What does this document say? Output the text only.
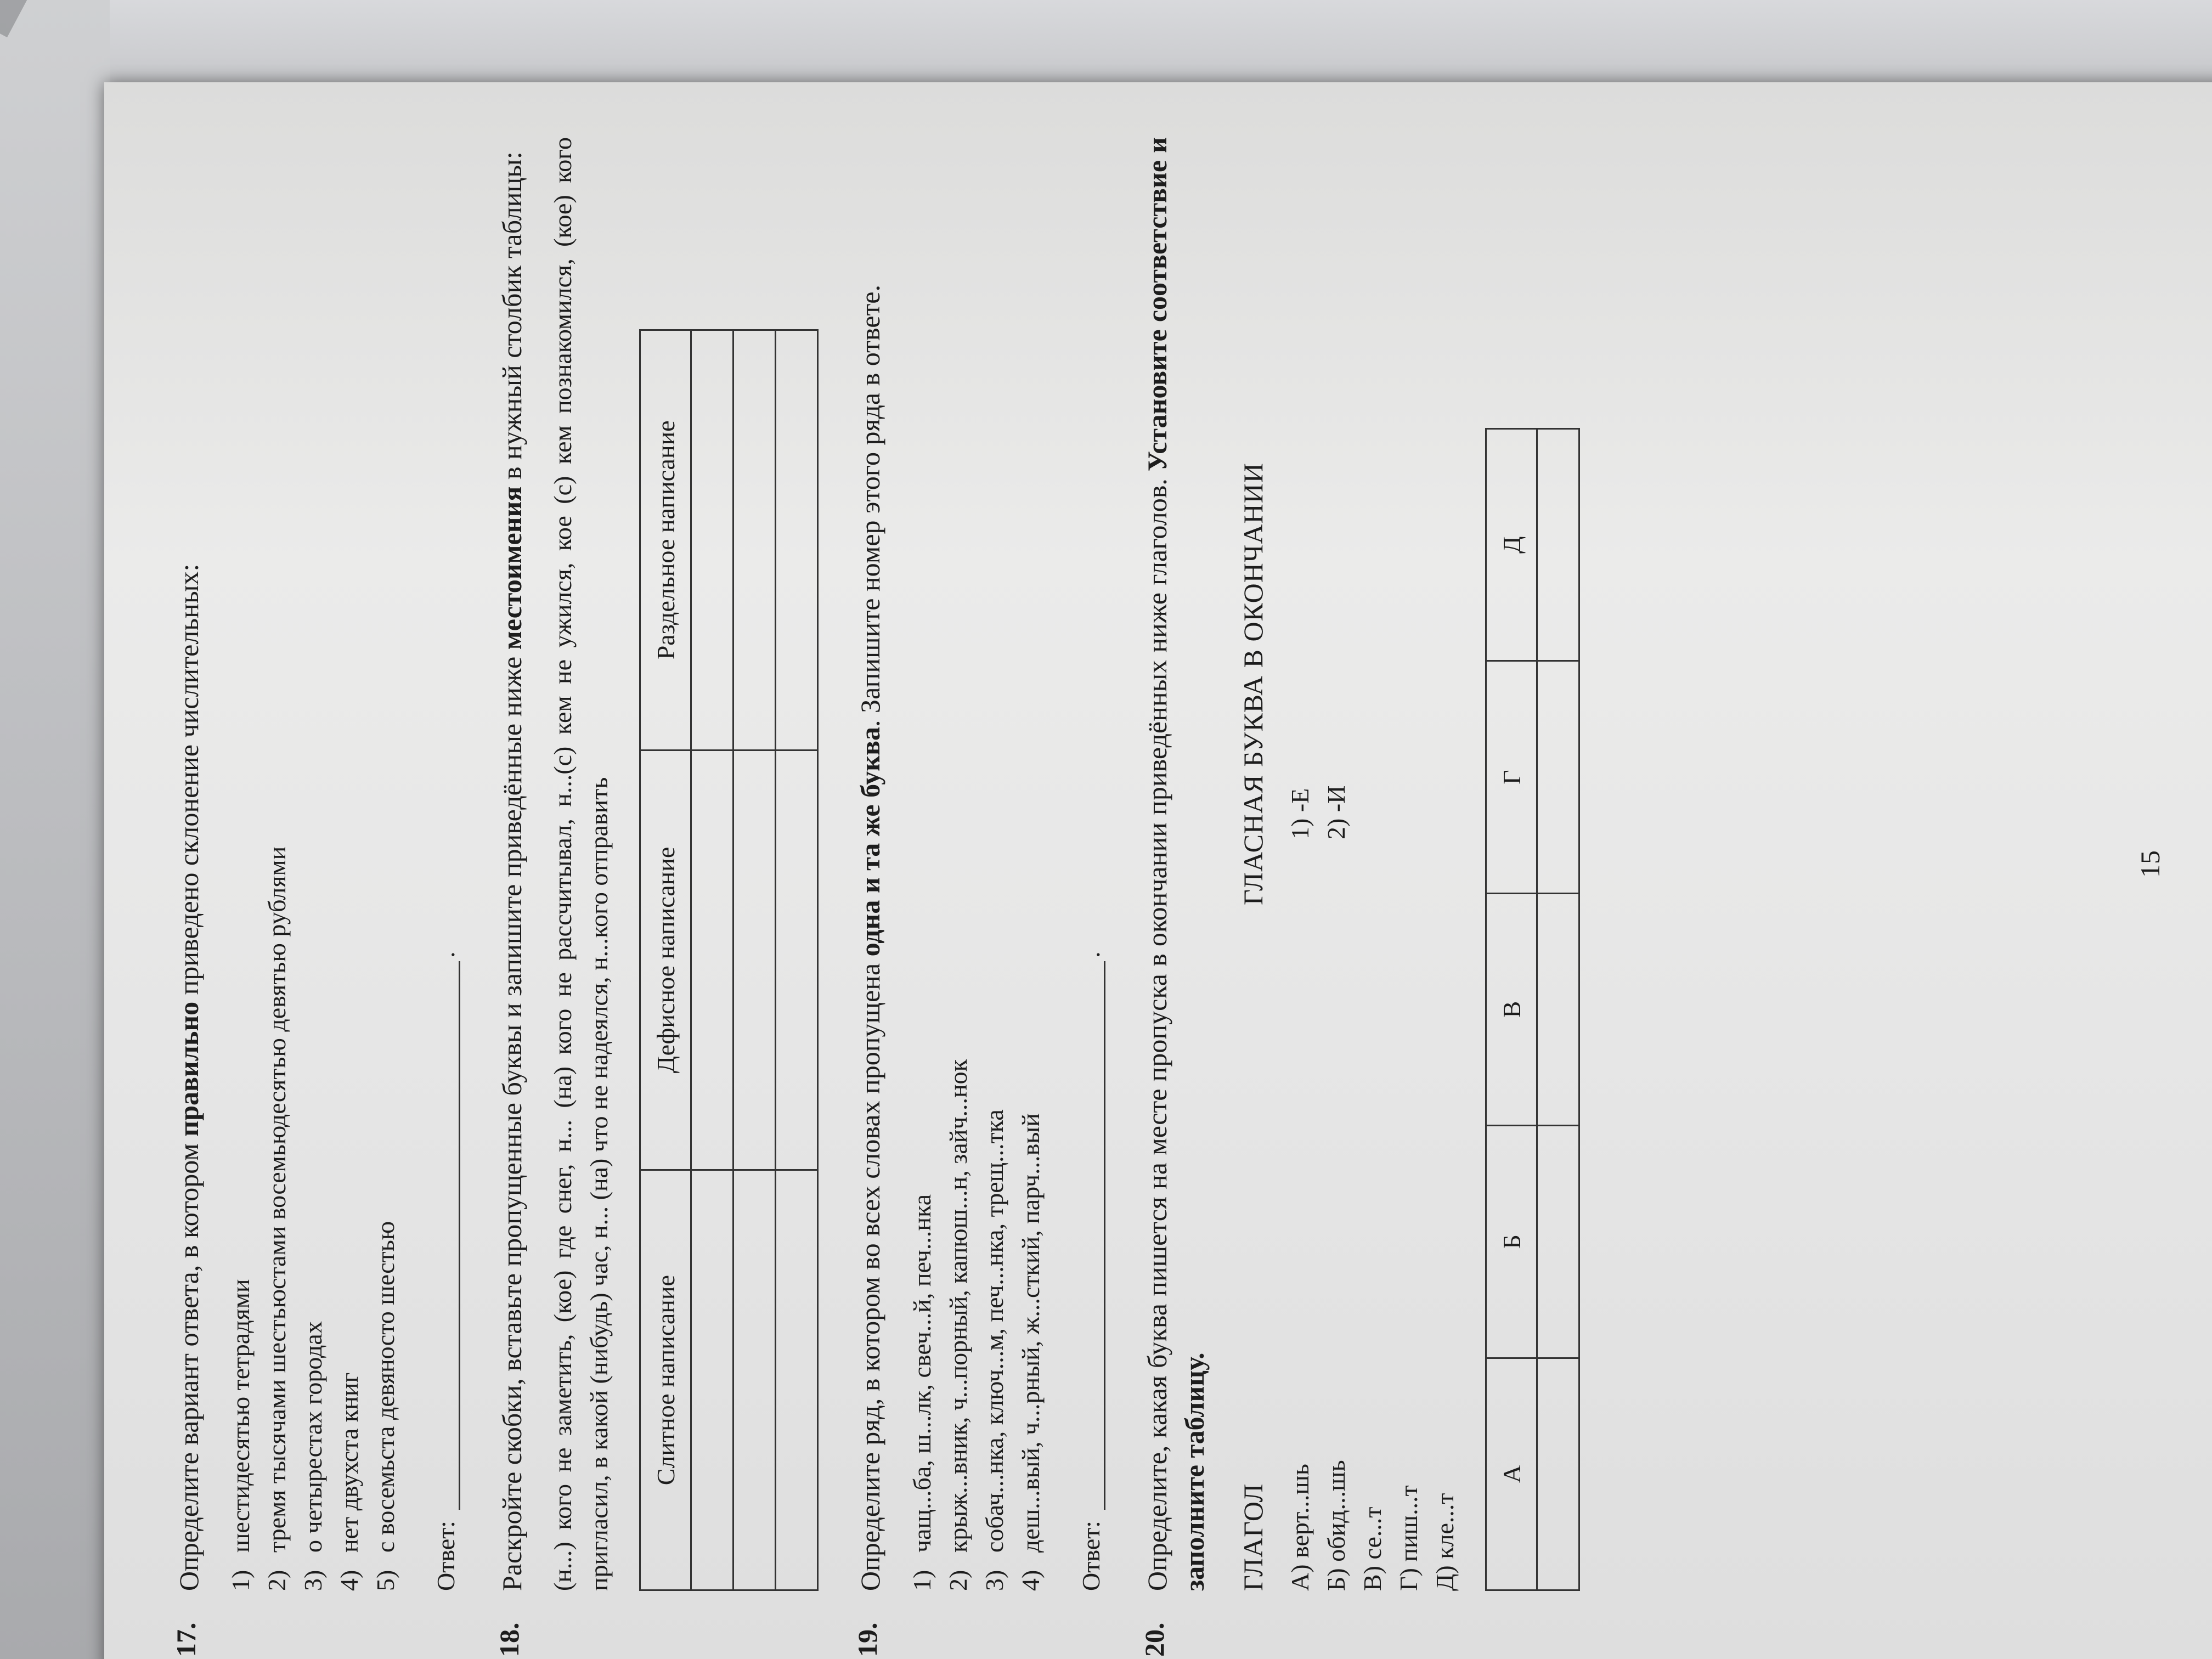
17.
Определите вариант ответа, в котором правильно приведено склонение числительных:
1)шестидесятью тетрадями
2)тремя тысячами шестьюстами восемьюдесятью девятью рублями
3)о четырестах городах
4)нет двухста книг
5)с восемьста девяносто шестью
Ответ:
.
18.
Раскройте скобки, вставьте пропущенные буквы и запишите приведённые ниже местоимения в нужный столбик таблицы: (н...) кого не заметить, (кое) где снег, н... (на) кого не рассчитывал, н...(с) кем не ужился, кое (с) кем познакомился, (кое) кого пригласил, в какой (нибудь) час, н... (на) что не надеялся, н...кого отправить Слитное написание	Дефисное написание	Раздельное написание

19.
Определите ряд, в котором во всех словах пропущена одна и та же буква. Запишите номер этого ряда в ответе.
1)чащ...ба, ш...лк, свеч...й, печ...нка
2)крыж...вник, ч...порный, капюш...н, зайч...нок
3)собач...нка, ключ...м, печ...нка, трещ...тка
4)деш...вый, ч...рный, ж...сткий, парч...вый
Ответ:
.
20.
Определите, какая буква пишется на месте пропуска в окончании приведённых ниже глаголов. Установите соответствие и заполните таблицу. ГЛАГОЛ А) верт...шь Б) обид...шь В) се...т Г) пиш...т Д) кле...т
ГЛАСНАЯ БУКВА В ОКОНЧАНИИ 1) -Е 2) -И
А	Б	В	Г	Д

15
